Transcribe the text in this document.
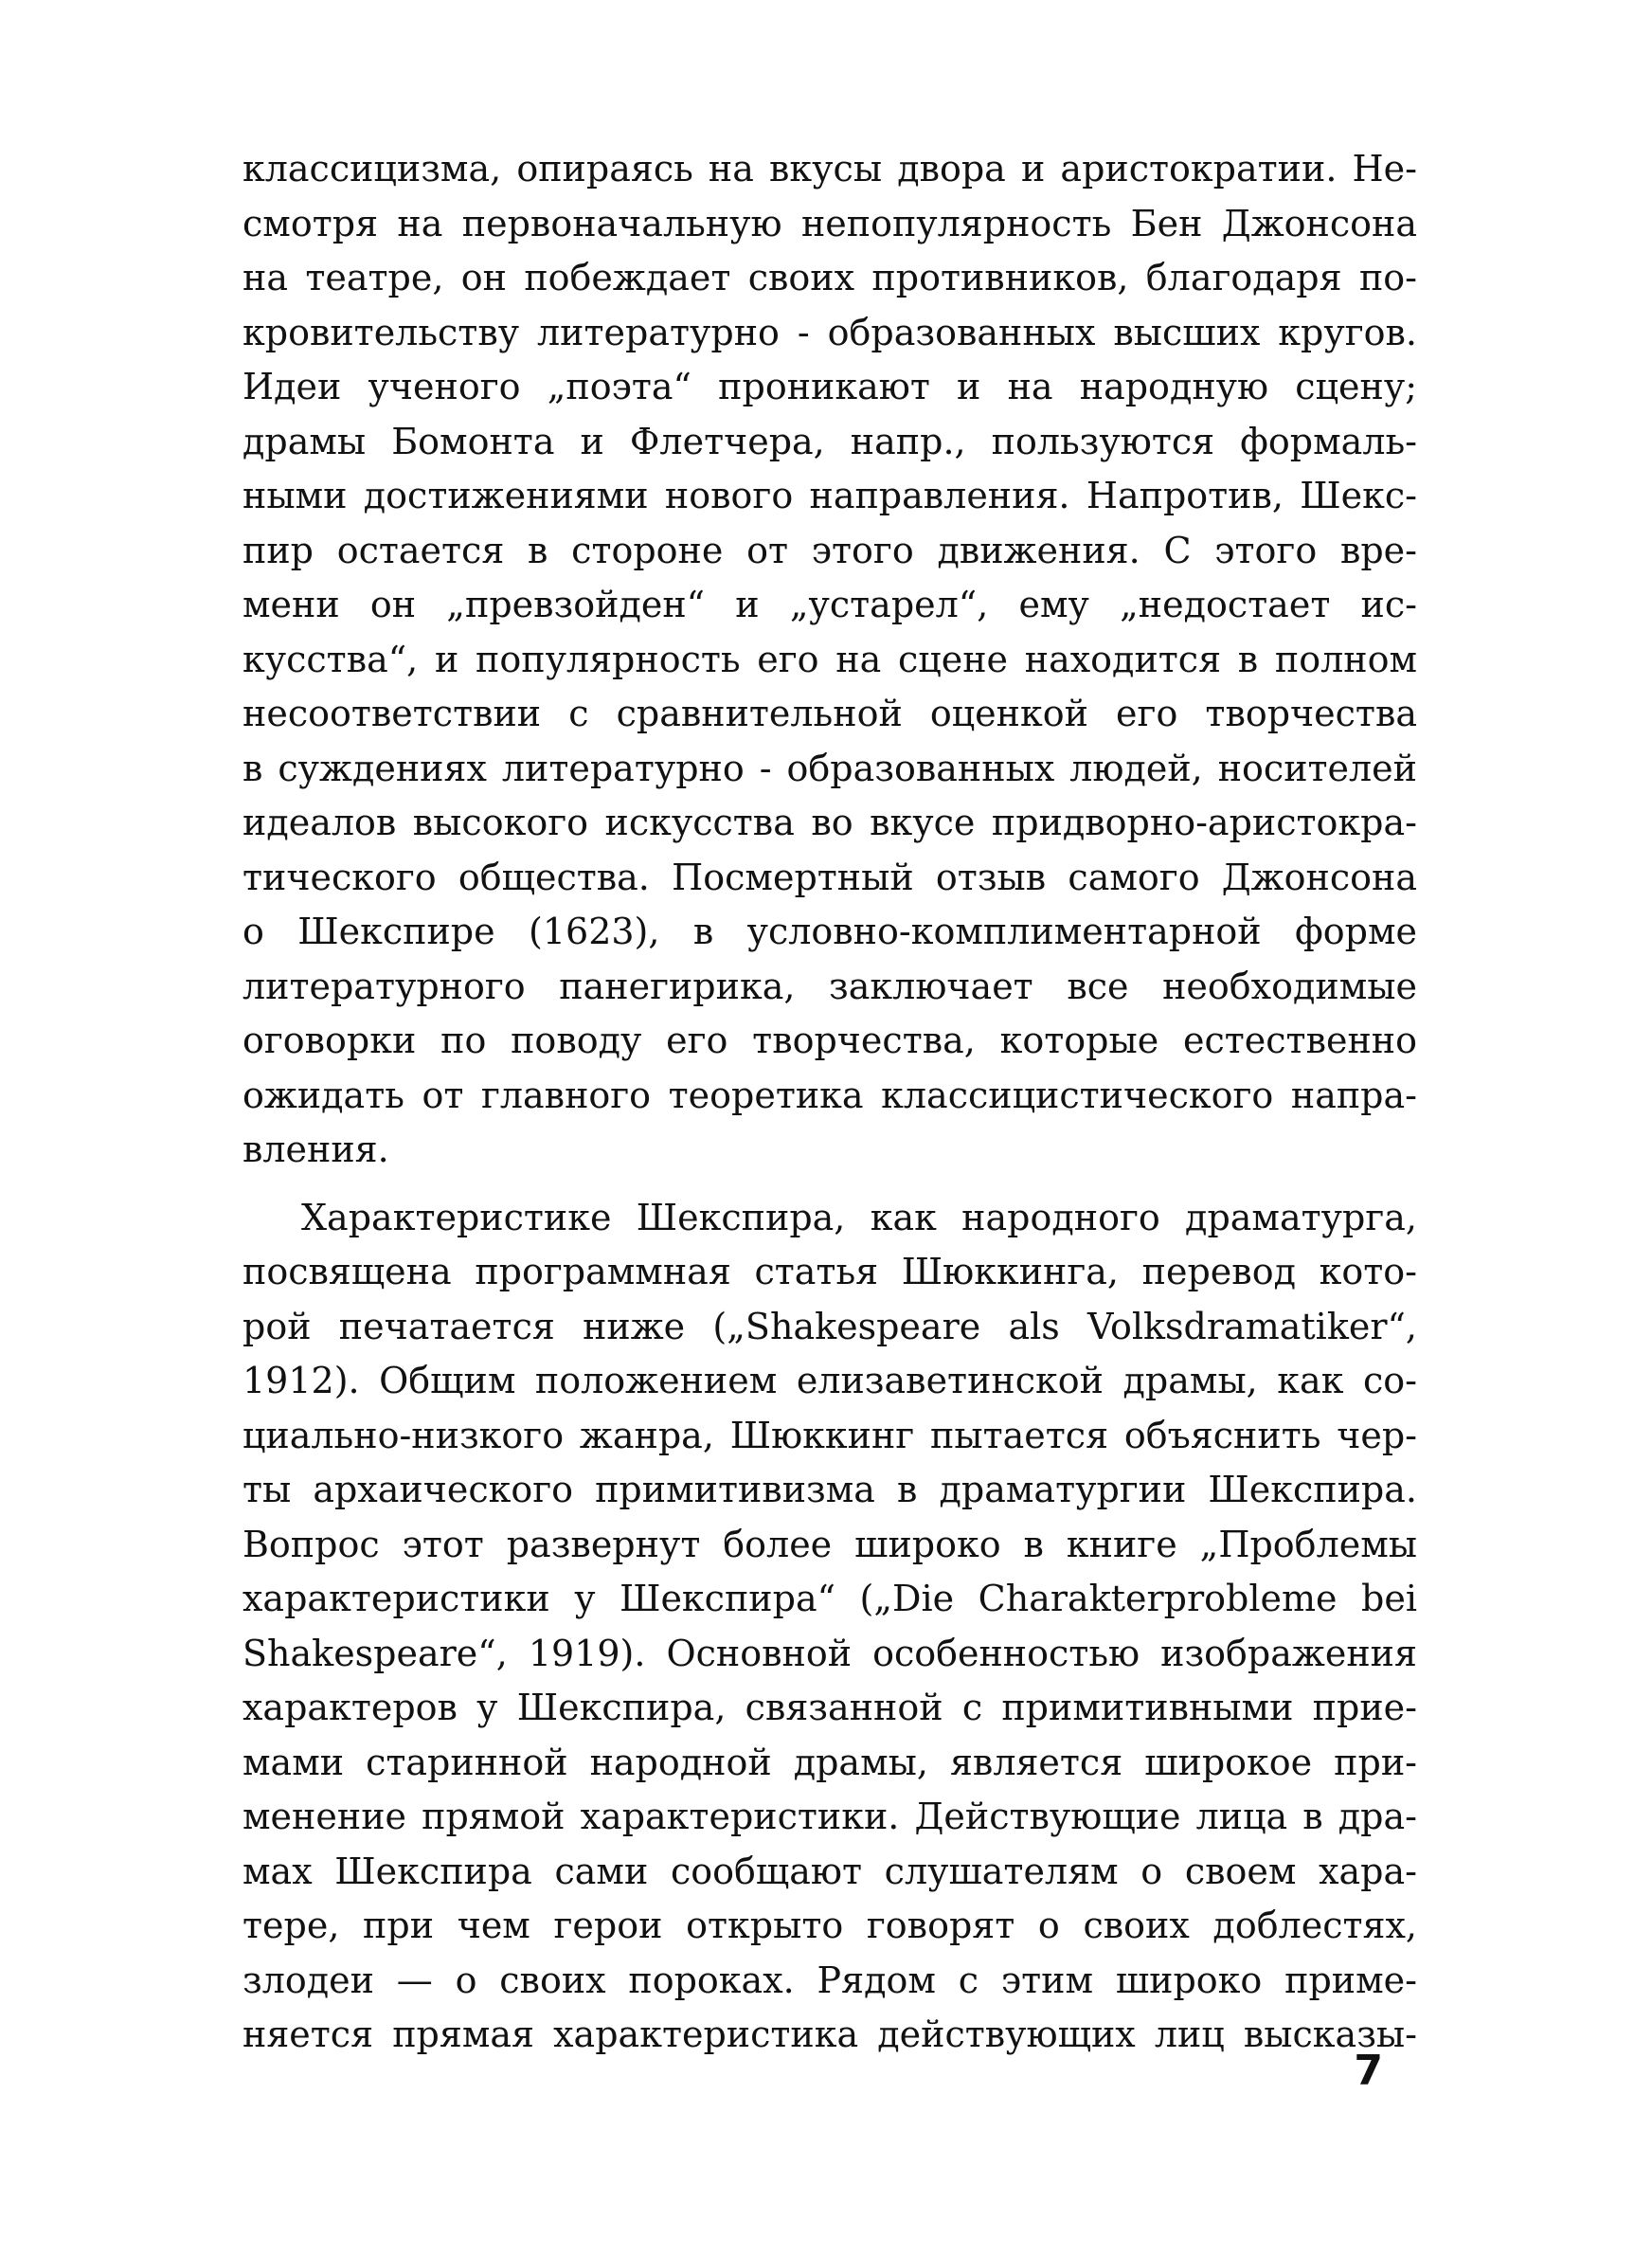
классицизма, опираясь на вкусы двора и аристократии. Не-
смотря на первоначальную непопулярность Бен Джонсона
на театре, он побеждает своих противников, благодаря по-
кровительству литературно - образованных высших кругов.
Идеи ученого „поэта“ проникают и на народную сцену;
драмы Бомонта и Флетчера, напр., пользуются формаль-
ными достижениями нового направления. Напротив, Шекс-
пир остается в стороне от этого движения. С этого вре-
мени он „превзойден“ и „устарел“, ему „недостает ис-
кусства“, и популярность его на сцене находится в полном
несоответствии с сравнительной оценкой его творчества
в суждениях литературно - образованных людей, носителей
идеалов высокого искусства во вкусе придворно-аристокра-
тического общества. Посмертный отзыв самого Джонсона
о Шекспире (1623), в условно-комплиментарной форме
литературного панегирика, заключает все необходимые
оговорки по поводу его творчества, которые естественно
ожидать от главного теоретика классицистического напра-
вления.
Характеристике Шекспира, как народного драматурга,
посвящена программная статья Шюккинга, перевод кото-
рой печатается ниже („Shakespeare als Volksdramatiker“,
1912). Общим положением елизаветинской драмы, как со-
циально-низкого жанра, Шюккинг пытается объяснить чер-
ты архаического примитивизма в драматургии Шекспира.
Вопрос этот развернут более широко в книге „Проблемы
характеристики у Шекспира“ („Die Charakterprobleme bei
Shakespeare“, 1919). Основной особенностью изображения
характеров у Шекспира, связанной с примитивными прие-
мами старинной народной драмы, является широкое при-
менение прямой характеристики. Действующие лица в дра-
мах Шекспира сами сообщают слушателям о своем хара-
тере, при чем герои открыто говорят о своих доблестях,
злодеи — о своих пороках. Рядом с этим широко приме-
няется прямая характеристика действующих лиц высказы-
7
